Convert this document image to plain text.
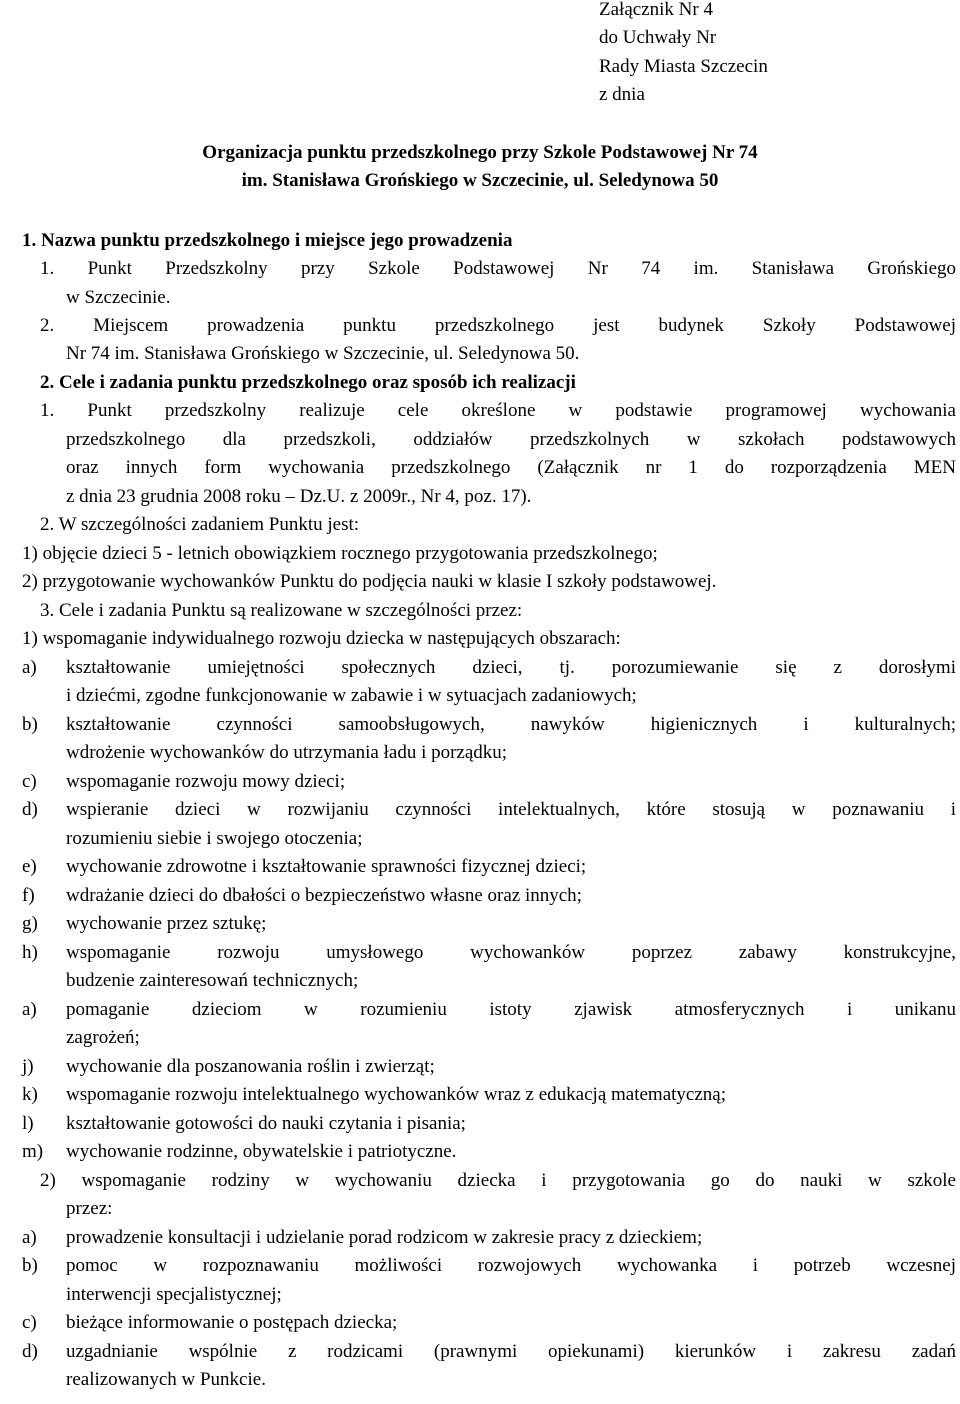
Załącznik Nr 4
do Uchwały Nr
Rady Miasta Szczecin
z dnia
Organizacja punktu przedszkolnego przy Szkole Podstawowej Nr 74
im. Stanisława Grońskiego w Szczecinie, ul. Seledynowa 50
1. Nazwa punktu przedszkolnego i miejsce jego prowadzenia
1. Punkt Przedszkolny przy Szkole Podstawowej Nr 74 im. Stanisława Grońskiego
w Szczecinie.
2. Miejscem prowadzenia punktu przedszkolnego jest budynek Szkoły Podstawowej
Nr 74 im. Stanisława Grońskiego w Szczecinie, ul. Seledynowa 50.
2. Cele i zadania punktu przedszkolnego oraz sposób ich realizacji
1. Punkt przedszkolny realizuje cele określone w podstawie programowej wychowania
przedszkolnego dla przedszkoli, oddziałów przedszkolnych w szkołach podstawowych
oraz innych form wychowania przedszkolnego (Załącznik nr 1 do rozporządzenia MEN
z dnia 23 grudnia 2008 roku – Dz.U. z 2009r., Nr 4, poz. 17).
2. W szczególności zadaniem Punktu jest:
1) objęcie dzieci 5 - letnich obowiązkiem rocznego przygotowania przedszkolnego;
2) przygotowanie wychowanków Punktu do podjęcia nauki w klasie I szkoły podstawowej.
3. Cele i zadania Punktu są realizowane w szczególności przez:
1) wspomaganie indywidualnego rozwoju dziecka w następujących obszarach:
a) kształtowanie umiejętności społecznych dzieci, tj. porozumiewanie się z dorosłymi
i dziećmi, zgodne funkcjonowanie w zabawie i w sytuacjach zadaniowych;
b) kształtowanie czynności samoobsługowych, nawyków higienicznych i kulturalnych;
wdrożenie wychowanków do utrzymania ładu i porządku;
c) wspomaganie rozwoju mowy dzieci;
d) wspieranie dzieci w rozwijaniu czynności intelektualnych, które stosują w poznawaniu i
rozumieniu siebie i swojego otoczenia;
e) wychowanie zdrowotne i kształtowanie sprawności fizycznej dzieci;
f) wdrażanie dzieci do dbałości o bezpieczeństwo własne oraz innych;
g) wychowanie przez sztukę;
h) wspomaganie rozwoju umysłowego wychowanków poprzez zabawy konstrukcyjne,
budzenie zainteresowań technicznych;
a) pomaganie dzieciom w rozumieniu istoty zjawisk atmosferycznych i unikanu
zagrożeń;
j) wychowanie dla poszanowania roślin i zwierząt;
k) wspomaganie rozwoju intelektualnego wychowanków wraz z edukacją matematyczną;
l) kształtowanie gotowości do nauki czytania i pisania;
m) wychowanie rodzinne, obywatelskie i patriotyczne.
2) wspomaganie rodziny w wychowaniu dziecka i przygotowania go do nauki w szkole
przez:
a) prowadzenie konsultacji i udzielanie porad rodzicom w zakresie pracy z dzieckiem;
b) pomoc w rozpoznawaniu możliwości rozwojowych wychowanka i potrzeb wczesnej
interwencji specjalistycznej;
c) bieżące informowanie o postępach dziecka;
d) uzgadnianie wspólnie z rodzicami (prawnymi opiekunami) kierunków i zakresu zadań
realizowanych w Punkcie.
